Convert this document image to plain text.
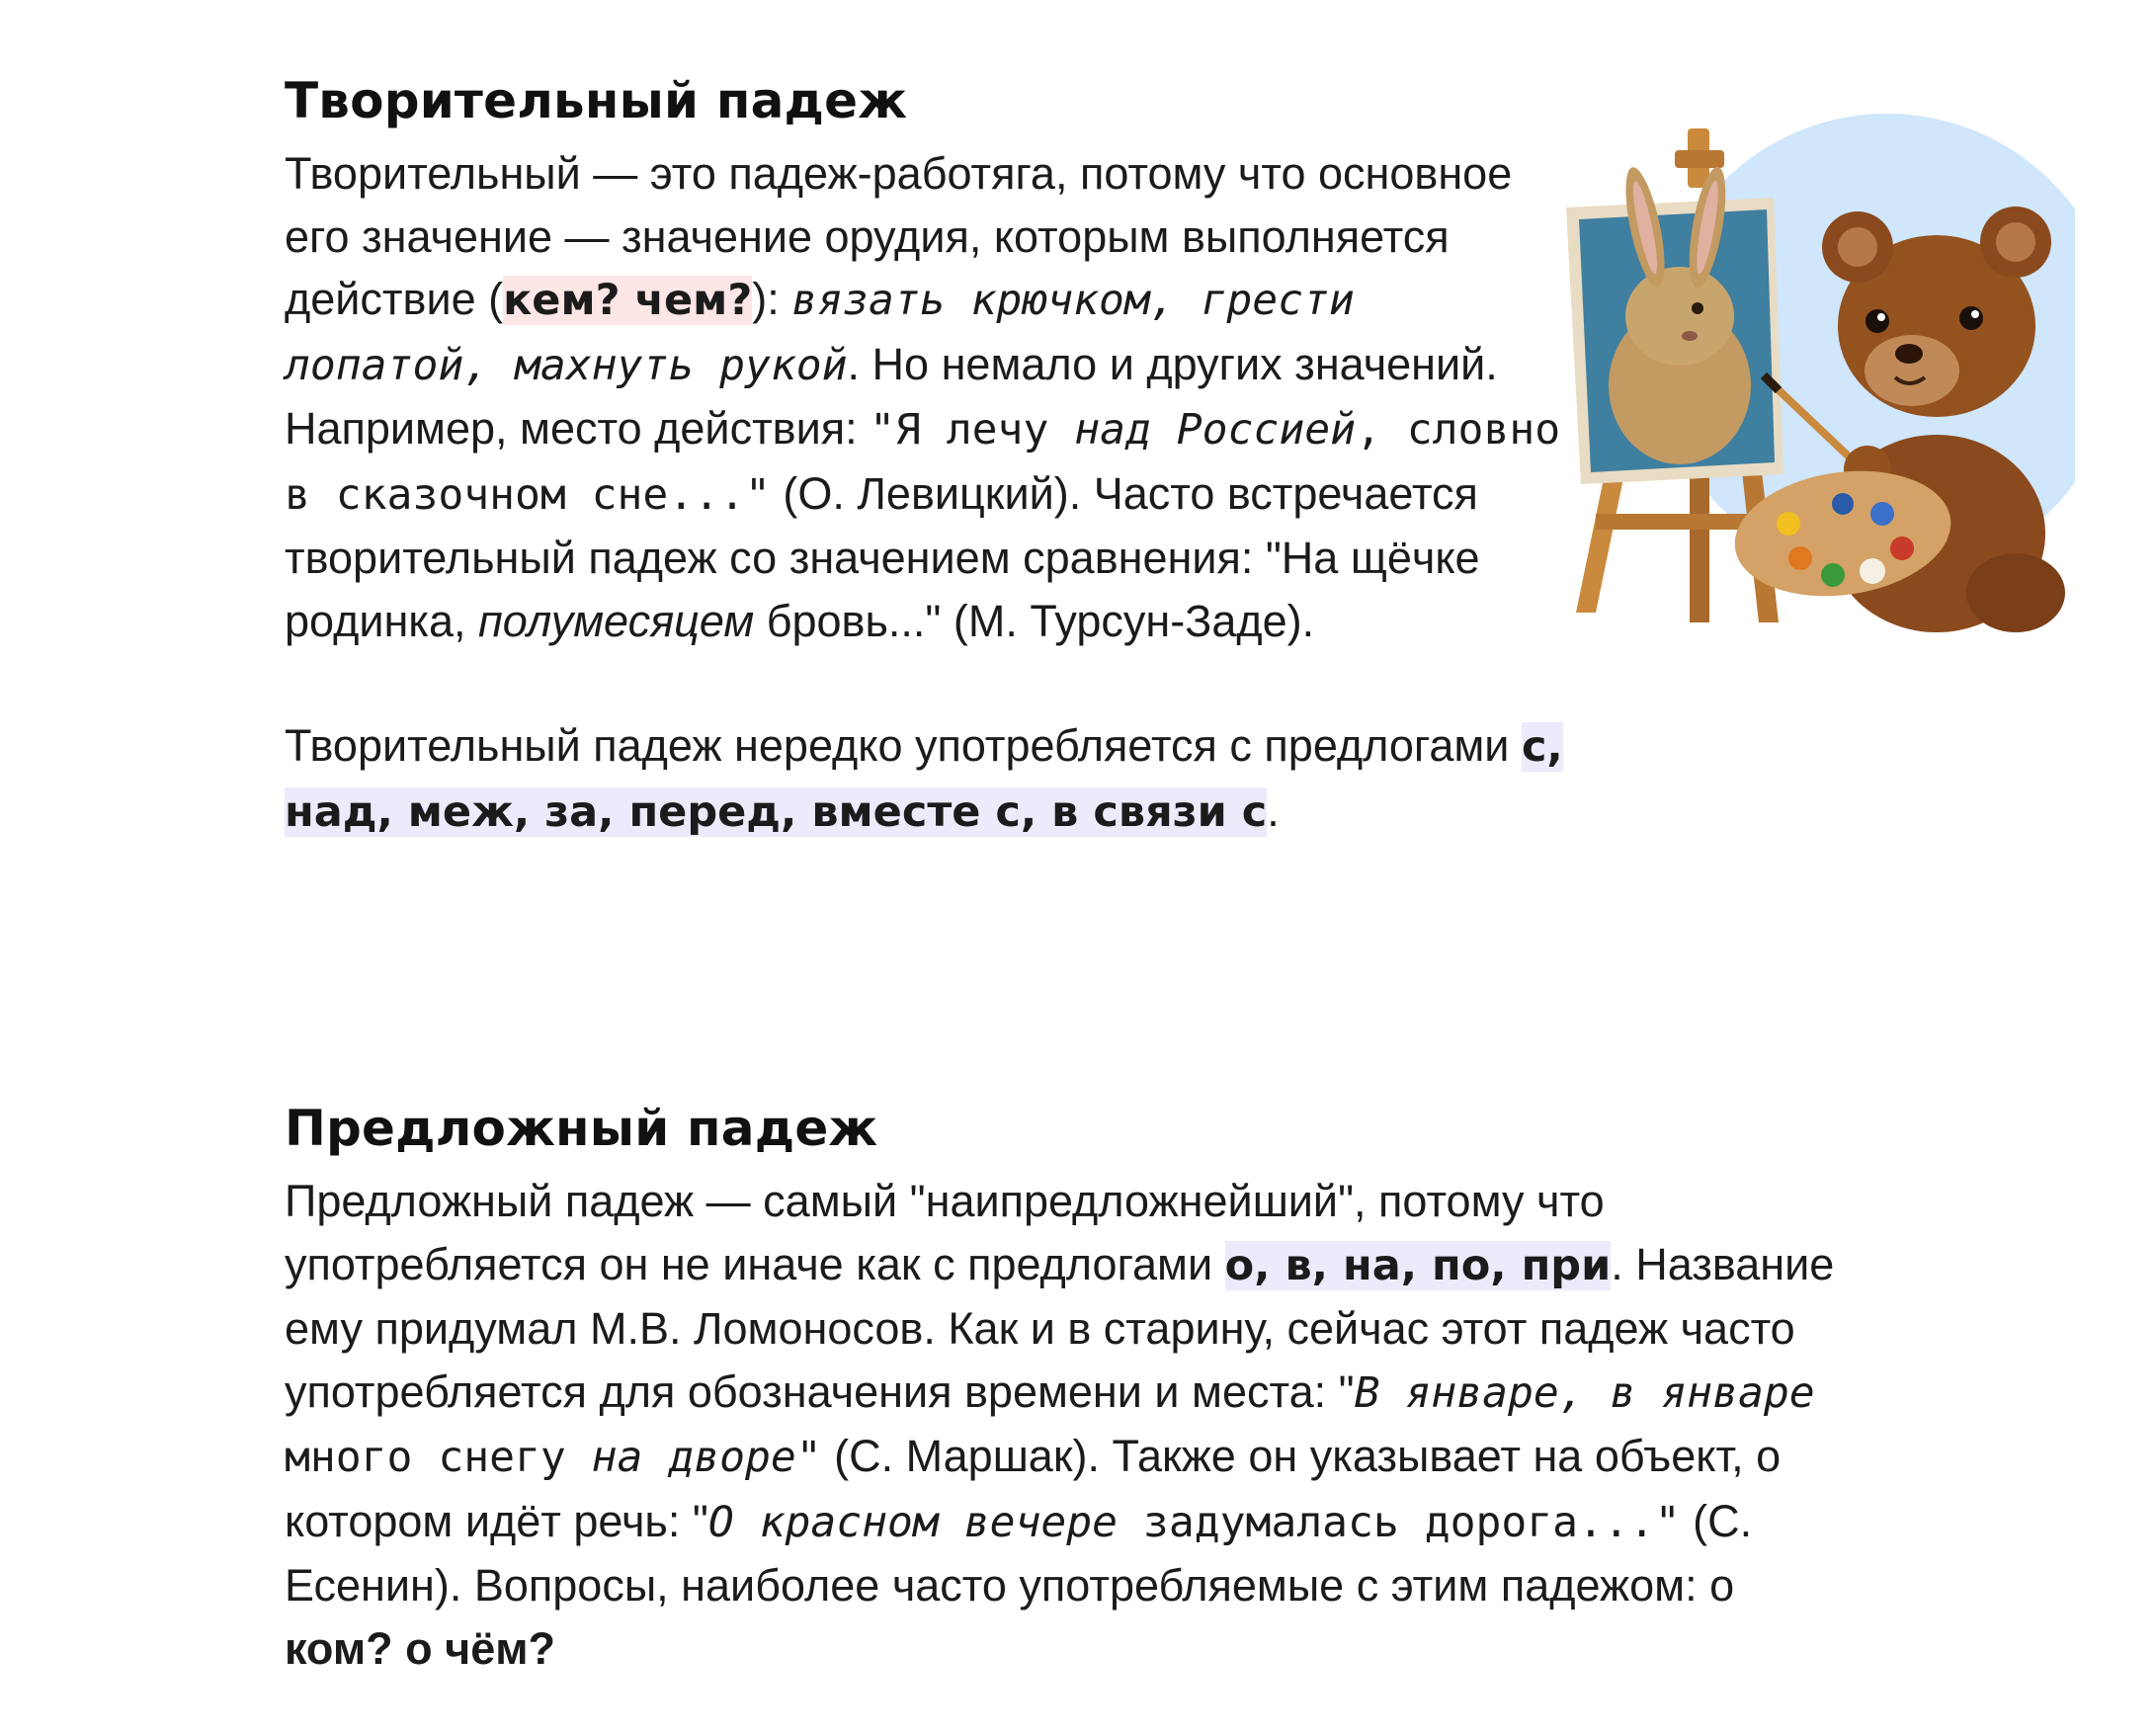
Творительный падеж

Творительный — это падеж-работяга, потому что основное его значение — значение орудия, которым выполняется действие (кем? чем?): вязать крючком, грести лопатой, махнуть рукой. Но немало и других значений. Например, место действия: "Я лечу над Россией, словно в сказочном сне..." (О. Левицкий). Часто встречается творительный падеж со значением сравнения: "На щёчке родинка, полумесяцем бровь..." (М. Турсун-Заде).

Творительный падеж нередко употребляется с предлогами с, над, меж, за, перед, вместе с, в связи с.

Предложный падеж

Предложный падеж — самый "наипредложнейший", потому что употребляется он не иначе как с предлогами о, в, на, по, при. Название ему придумал М.В. Ломоносов. Как и в старину, сейчас этот падеж часто употребляется для обозначения времени и места: "В январе, в январе много снегу на дворе" (С. Маршак). Также он указывает на объект, о котором идёт речь: "О красном вечере задумалась дорога..." (С. Есенин). Вопросы, наиболее часто употребляемые с этим падежом: о ком? о чём?
